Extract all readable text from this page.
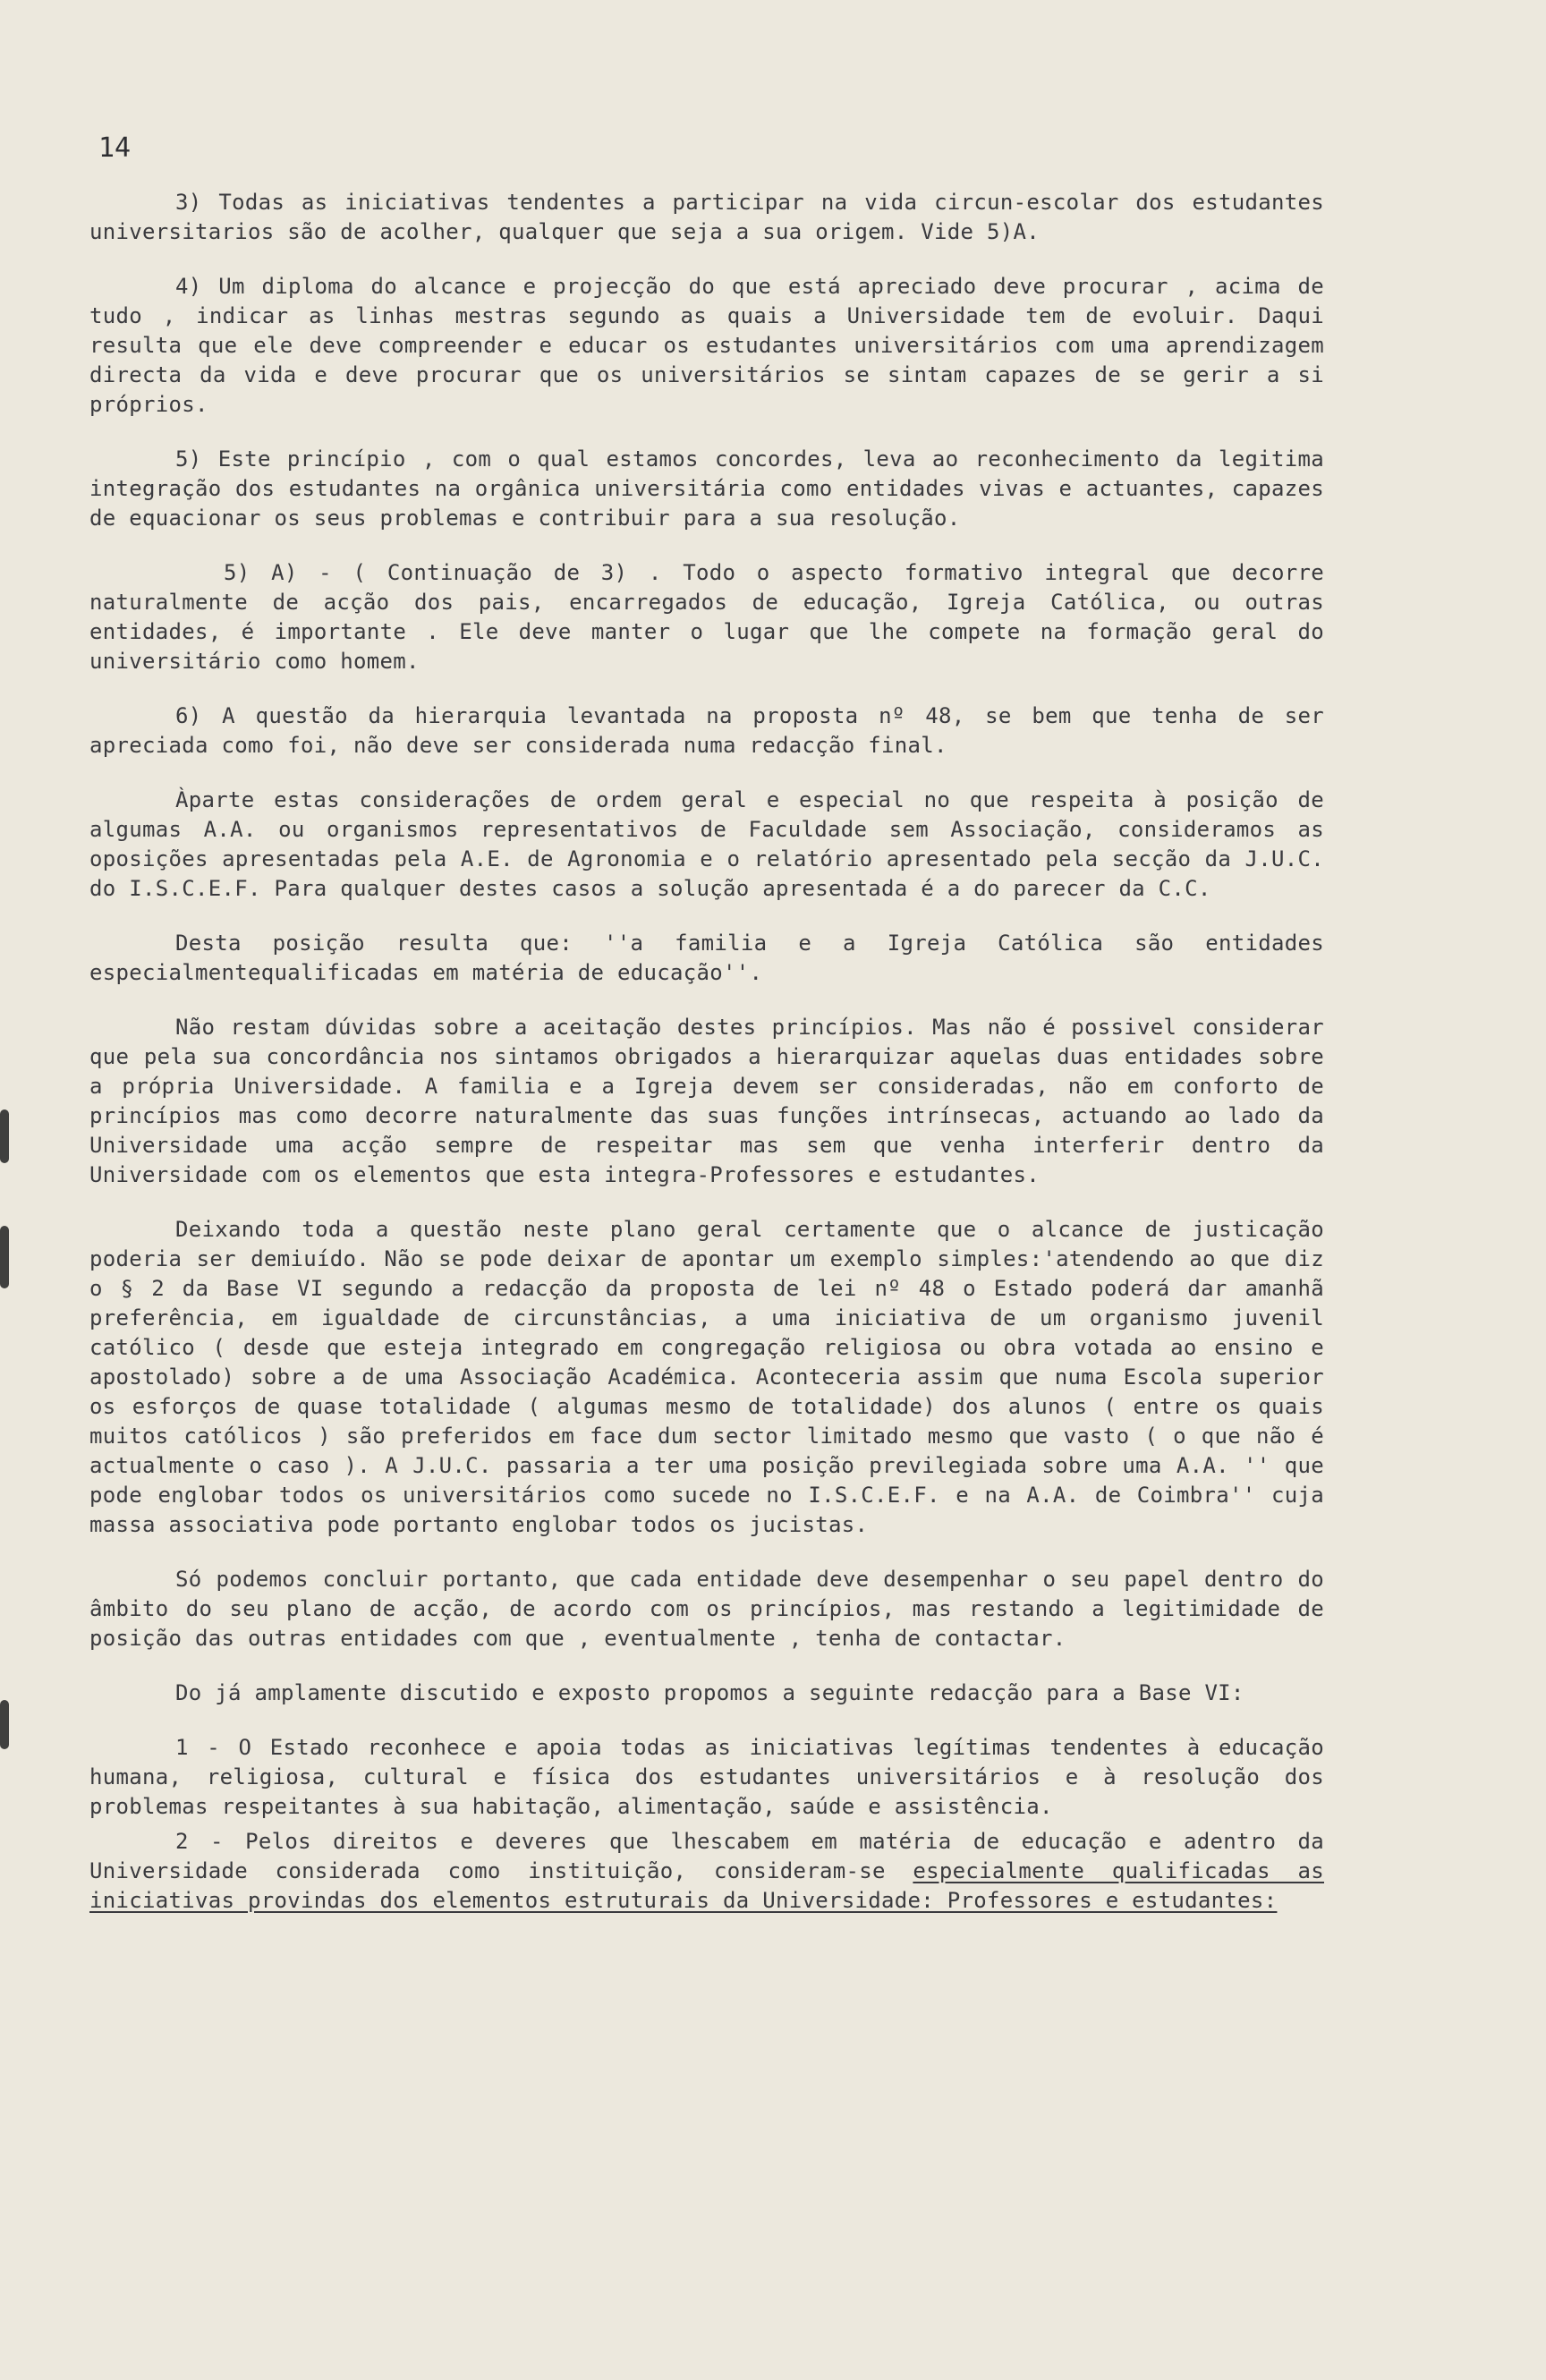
14

3) Todas as iniciativas tendentes a participar na vida circun-escolar dos estudantes universitarios são de acolher, qualquer que seja a sua origem. Vide 5)A.

4) Um diploma do alcance e projecção do que está apreciado deve procurar , acima de tudo , indicar as linhas mestras segundo as quais a Universidade tem de evoluir. Daqui resulta que ele deve compreender e educar os estudantes universitários com uma aprendizagem directa da vida e deve procurar que os universitários se sintam capazes de se gerir a si próprios.

5) Este princípio , com o qual estamos concordes, leva ao reconhecimento da legitima integração dos estudantes na orgânica universitária como entidades vivas e actuantes, capazes de equacionar os seus problemas e contribuir para a sua resolução.

5) A) - ( Continuação de 3) . Todo o aspecto formativo integral que decorre naturalmente de acção dos pais, encarregados de educação, Igreja Católica, ou outras entidades, é importante . Ele deve manter o lugar que lhe compete na formação geral do universitário como homem.

6) A questão da hierarquia levantada na proposta nº 48, se bem que tenha de ser apreciada como foi, não deve ser considerada numa redacção final.

Àparte estas considerações de ordem geral e especial no que respeita à posição de algumas A.A. ou organismos representativos de Faculdade sem Associação, consideramos as oposições apresentadas pela A.E. de Agronomia e o relatório apresentado pela secção da J.U.C. do I.S.C.E.F. Para qualquer destes casos a solução apresentada é a do parecer da C.C.

Desta posição resulta que: ''a familia e a Igreja Católica são entidades especialmentequalificadas em matéria de educação''.

Não restam dúvidas sobre a aceitação destes princípios. Mas não é possivel considerar que pela sua concordância nos sintamos obrigados a hierarquizar aquelas duas entidades sobre a própria Universidade. A familia e a Igreja devem ser consideradas, não em conforto de princípios mas como decorre naturalmente das suas funções intrínsecas, actuando ao lado da Universidade uma acção sempre de respeitar mas sem que venha interferir dentro da Universidade com os elementos que esta integra-Professores e estudantes.

Deixando toda a questão neste plano geral certamente que o alcance de justicação poderia ser demiuído. Não se pode deixar de apontar um exemplo simples:'atendendo ao que diz o § 2 da Base VI segundo a redacção da proposta de lei nº 48 o Estado poderá dar amanhã preferência, em igualdade de circunstâncias, a uma iniciativa de um organismo juvenil católico ( desde que esteja integrado em congregação religiosa ou obra votada ao ensino e apostolado) sobre a de uma Associação Académica. Aconteceria assim que numa Escola superior os esforços de quase totalidade ( algumas mesmo de totalidade) dos alunos ( entre os quais muitos católicos ) são preferidos em face dum sector limitado mesmo que vasto ( o que não é actualmente o caso ). A J.U.C. passaria a ter uma posição previlegiada sobre uma A.A. '' que pode englobar todos os universitários como sucede no I.S.C.E.F. e na A.A. de Coimbra'' cuja massa associativa pode portanto englobar todos os jucistas.

Só podemos concluir portanto, que cada entidade deve desempenhar o seu papel dentro do âmbito do seu plano de acção, de acordo com os princípios, mas restando a legitimidade de posição das outras entidades com que , eventualmente , tenha de contactar.

Do já amplamente discutido e exposto propomos a seguinte redacção para a Base VI:

1 - O Estado reconhece e apoia todas as iniciativas legítimas tendentes à educação humana, religiosa, cultural e física dos estudantes universitários e à resolução dos problemas respeitantes à sua habitação, alimentação, saúde e assistência.

2 - Pelos direitos e deveres que lhescabem em matéria de educação e adentro da Universidade considerada como instituição, consideram-se especialmente qualificadas as iniciativas provindas dos elementos estruturais da Universidade: Professores e estudantes:
